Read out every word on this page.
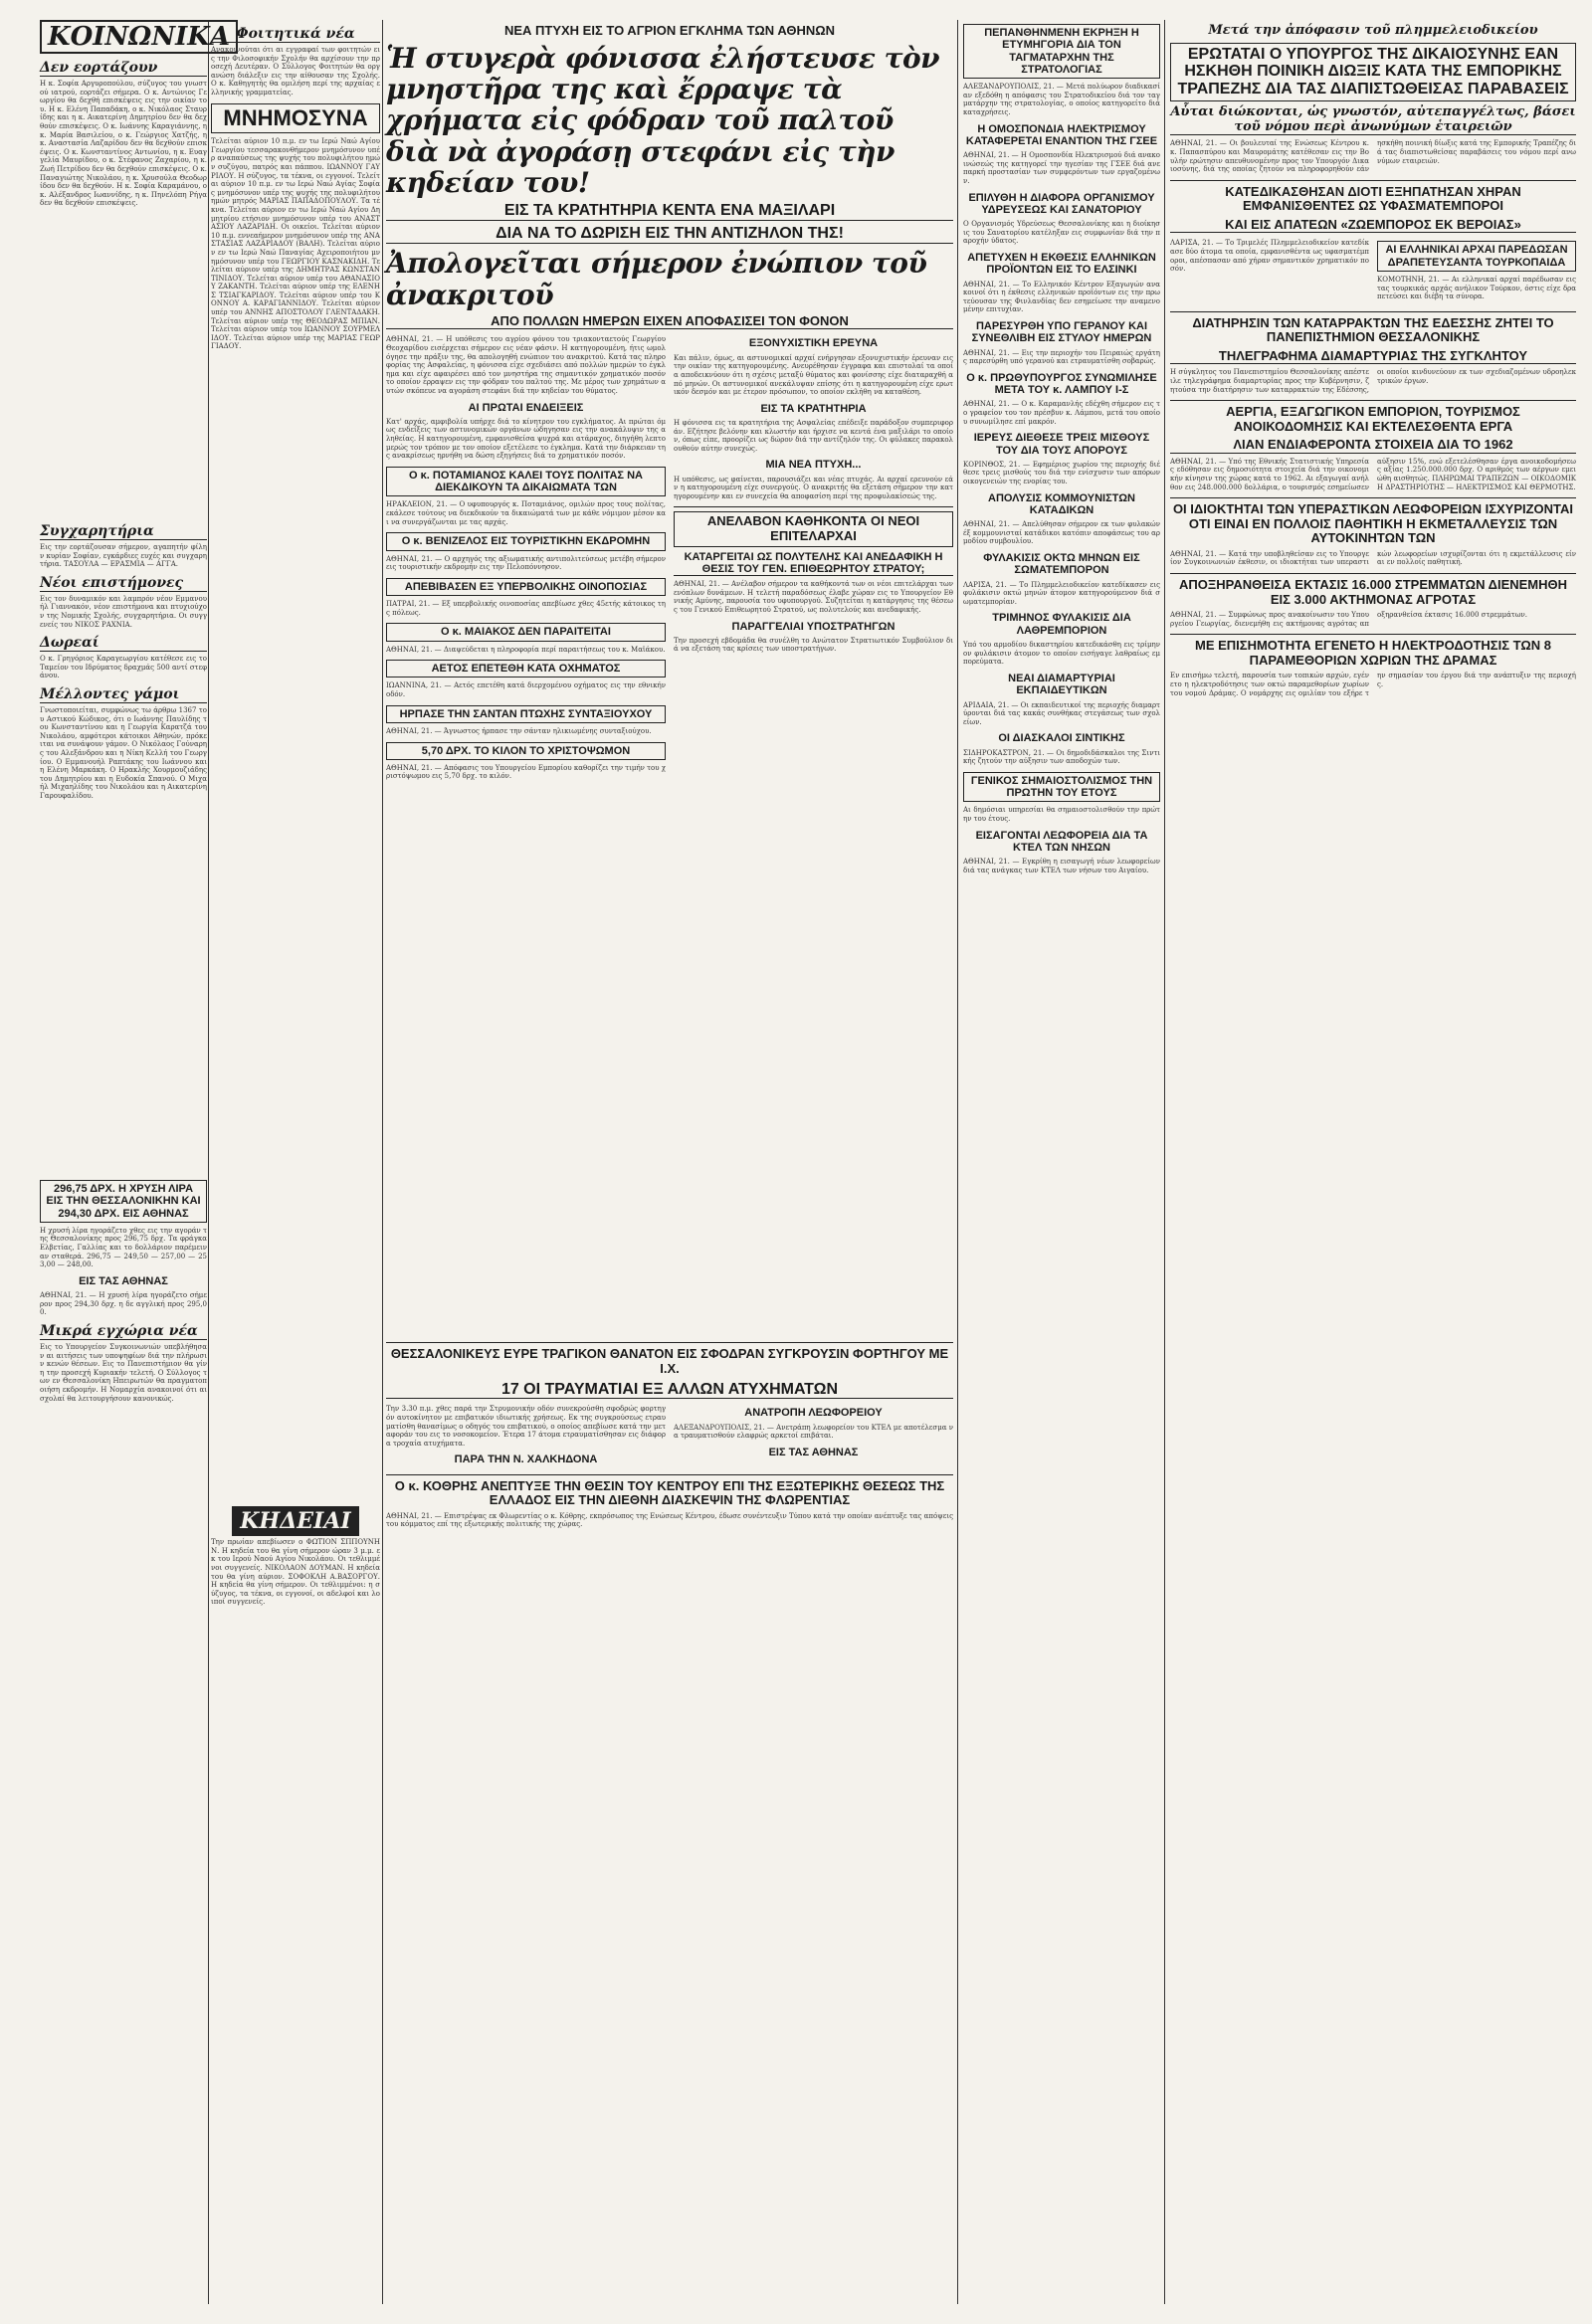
ΚΟΙΝΩΝΙΚΑ
Δεν εορτάζουν
Η κ. Σοφία Αργυροπούλου, σύζυγος του γνωστού ιατρού, εορτάζει σήμερα. Ο κ. Αντώνιος Γεωργίου θα δεχθή επισκέψεις εις την οικίαν του. Η κ. Ελένη Παπαδάκη, ο κ. Νικόλαος Σταυρίδης και η κ. Αικατερίνη Δημητρίου δεν θα δεχθούν επισκέψεις. Ο κ. Ιωάννης Καραγιάννης, η κ. Μαρία Βασιλείου, ο κ. Γεώργιος Χατζής, η κ. Αναστασία Λαζαρίδου δεν θα δεχθούν επισκέψεις. Ο κ. Κωνσταντίνος Αντωνίου, η κ. Ευαγγελία Μαυρίδου, ο κ. Στέφανος Ζαχαρίου, η κ. Ζωή Πετρίδου δεν θα δεχθούν επισκέψεις. Ο κ. Παναγιώτης Νικολάου, η κ. Χρυσούλα Θεοδωρίδου δεν θα δεχθούν. Η κ. Σοφία Καραμάνου, ο κ. Αλέξανδρος Ιωαννίδης, η κ. Πηνελόπη Ρήγα δεν θα δεχθούν επισκέψεις.
Συγχαρητήρια
Εις την εορτάζουσαν σήμερον, αγαπητήν φίλην κυρίαν Σοφίαν, εγκάρδιες ευχές και συγχαρητήρια. ΤΑΣΟΥΛΑ — ΕΡΑΣΜΙΑ — ΑΓΓΑ.
Νέοι επιστήμονες
Εις τον δυναμικόν και λαμπρόν νέον Εμμανουήλ Γιαννακόν, νέον επιστήμονα και πτυχιούχον της Νομικής Σχολής, συγχαρητήρια. Οι συγγενείς του ΝΙΚΟΣ ΡΑΧΝΙΑ.
Δωρεαί
Ο κ. Γρηγόριος Καραγεωργίου κατέθεσε εις το Ταμείον του Ιδρύματος δραχμάς 500 αντί στεφάνου.
Μέλλοντες γάμοι
Γνωστοποιείται, συμφώνως τω άρθρω 1367 του Αστικού Κώδικος, ότι ο Ιωάννης Παυλίδης του Κωνσταντίνου και η Γεωργία Καρατζά του Νικολάου, αμφότεροι κάτοικοι Αθηνών, πρόκειται να συνάψουν γάμον. Ο Νικόλαος Γούναρης του Αλεξάνδρου και η Νίκη Κελλή του Γεωργίου. Ο Εμμανουήλ Ραπτάκης του Ιωάννου και η Ελένη Μαρκάκη. Ο Ηρακλής Χουρμουζιάδης του Δημητρίου και η Ευδοκία Σπανού. Ο Μιχαήλ Μιχαηλίδης του Νικολάου και η Αικατερίνη Γαρουφαλίδου.
296,75 ΔΡΧ. Η ΧΡΥΣΗ ΛΙΡΑ ΕΙΣ ΤΗΝ ΘΕΣΣΑΛΟΝΙΚΗΝ ΚΑΙ 294,30 ΔΡΧ. ΕΙΣ ΑΘΗΝΑΣ
Η χρυσή λίρα ηγοράζετο χθες εις την αγοράν της Θεσσαλονίκης προς 296,75 δρχ. Τα φράγκα Ελβετίας, Γαλλίας και το δολλάριον παρέμειναν σταθερά. 296,75 — 249,50 — 257,00 — 253,00 — 248,00.
ΕΙΣ ΤΑΣ ΑΘΗΝΑΣ
ΑΘΗΝΑΙ, 21. — Η χρυσή λίρα ηγοράζετο σήμερον προς 294,30 δρχ. η δε αγγλική προς 295,00.
Μικρά εγχώρια νέα
Εις το Υπουργείον Συγκοινωνιών υπεβλήθησαν αι αιτήσεις των υποψηφίων διά την πλήρωσιν κενών θέσεων. Εις το Πανεπιστήμιον θα γίνη την προσεχή Κυριακήν τελετή. Ο Σύλλογος των εν Θεσσαλονίκη Ηπειρωτών θα πραγματοποιήση εκδρομήν. Η Νομαρχία ανακοινοί ότι αι σχολαί θα λειτουργήσουν κανονικώς.
Φοιτητικά νέα
Ανακοινούται ότι αι εγγραφαί των φοιτητών εις την Φιλοσοφικήν Σχολήν θα αρχίσουν την προσεχή Δευτέραν. Ο Σύλλογος Φοιτητών θα οργανώση διάλεξιν εις την αίθουσαν της Σχολής. Ο κ. Καθηγητής θα ομιλήση περί της αρχαίας ελληνικής γραμματείας.
ΜΝΗΜΟΣΥΝΑ
Τελείται αύριον 10 π.μ. εν τω Ιερώ Ναώ Αγίου Γεωργίου τεσσαρακονθήμερον μνημόσυνον υπέρ αναπαύσεως της ψυχής του πολυφιλήτου ημών συζύγου, πατρός και πάππου. ΙΩΑΝΝΟΥ ΓΑΥΡΙΛΟΥ. Η σύζυγος, τα τέκνα, οι εγγονοί. Τελείται αύριον 10 π.μ. εν τω Ιερώ Ναώ Αγίας Σοφίας μνημόσυνον υπέρ της ψυχής της πολυφιλήτου ημών μητρός ΜΑΡΙΑΣ ΠΑΠΑΔΟΠΟΥΛΟΥ. Τα τέκνα. Τελείται αύριον εν τω Ιερώ Ναώ Αγίου Δημητρίου ετήσιον μνημόσυνον υπέρ του ΑΝΑΣΤΑΣΙΟΥ ΛΑΖΑΡΙΔΗ. Οι οικείοι. Τελείται αύριον 10 π.μ. εννεαήμερον μνημόσυνον υπέρ της ΑΝΑΣΤΑΣΙΑΣ ΛΑΖΑΡΙΑΔΟΥ (ΒΑΛΗ). Τελείται αύριον εν τω Ιερώ Ναώ Παναγίας Αχειροποιήτου μνημόσυνον υπέρ του ΓΕΩΡΓΙΟΥ ΚΑΣΝΑΚΙΔΗ. Τελείται αύριον υπέρ της ΔΗΜΗΤΡΑΣ ΚΩΝΣΤΑΝΤΙΝΙΔΟΥ. Τελείται αύριον υπέρ του ΑΘΑΝΑΣΙΟΥ ΖΑΚΑΝΤΗ. Τελείται αύριον υπέρ της ΕΛΕΝΗΣ ΤΣΙΑΓΚΑΡΙΔΟΥ. Τελείται αύριον υπέρ του ΚΟΝΝΟΥ Α. ΚΑΡΑΓΙΑΝΝΙΔΟΥ. Τελείται αύριον υπέρ του ΑΝΝΗΣ ΑΠΟΣΤΟΛΟΥ ΓΛΕΝΤΑΔΑΚΗ. Τελείται αύριον υπέρ της ΘΕΟΔΩΡΑΣ ΜΠΙΑΝ. Τελείται αύριον υπέρ του ΙΩΑΝΝΟΥ ΣΟΥΡΜΕΛΙΔΟΥ. Τελείται αύριον υπέρ της ΜΑΡΙΑΣ ΓΕΩΡΓΙΑΔΟΥ.
ΚΗΔΕΙΑΙ
Την πρωίαν απεβίωσεν ο ΦΩΤΙΟΝ ΣΠΠΟΥΝΗΝ. Η κηδεία του θα γίνη σήμερον ώραν 3 μ.μ. εκ του Ιερού Ναού Αγίου Νικολάου. Οι τεθλιμμένοι συγγενείς. ΝΙΚΟΛΑΟΝ ΔΟΥΜΑΝ. Η κηδεία του θα γίνη αύριον. ΣΟΦΟΚΛΗ Α.ΒΑΣΟΡΓΟΥ. Η κηδεία θα γίνη σήμερον. Οι τεθλιμμένοι: η σύζυγος, τα τέκνα, οι εγγονοί, οι αδελφοί και λοιποί συγγενείς.
ΝΕΑ ΠΤΥΧΗ ΕΙΣ ΤΟ ΑΓΡΙΟΝ ΕΓΚΛΗΜΑ ΤΩΝ ΑΘΗΝΩΝ
Ἡ στυγερὰ φόνισσα ἐλήστευσε τὸν μνηστῆρα της καὶ ἔρραψε τὰ χρήματα εἰς φόδραν τοῦ παλτοῦ διὰ νὰ ἀγοράσῃ στεφάνι εἰς τὴν κηδείαν του!
ΕΙΣ ΤΑ ΚΡΑΤΗΤΗΡΙΑ ΚΕΝΤΑ ΕΝΑ ΜΑΞΙΛΑΡΙ
ΔΙΑ ΝΑ ΤΟ ΔΩΡΙΣΗ ΕΙΣ ΤΗΝ ΑΝΤΙΖΗΛΟΝ ΤΗΣ!
Ἀπολογεῖται σήμερον ἐνώπιον τοῦ ἀνακριτοῦ
ΑΠΟ ΠΟΛΛΩΝ ΗΜΕΡΩΝ ΕΙΧΕΝ ΑΠΟΦΑΣΙΣΕΙ ΤΟΝ ΦΟΝΟΝ
ΑΘΗΝΑΙ, 21. — Η υπόθεσις του αγρίου φόνου του τριακονταετούς Γεωργίου Θεοχαρίδου εισέρχεται σήμερον εις νέαν φάσιν. Η κατηγορουμένη, ήτις ωμολόγησε την πράξιν της, θα απολογηθή ενώπιον του ανακριτού. Κατά τας πληροφορίας της Ασφαλείας, η φόνισσα είχε σχεδιάσει από πολλών ημερών το έγκλημα και είχε αφαιρέσει από τον μνηστήρα της σημαντικόν χρηματικόν ποσόν το οποίον έρραψεν εις την φόδραν του παλτού της. Με μέρος των χρημάτων αυτών σκόπευε να αγοράση στεφάνι διά την κηδείαν του θύματος.
ΑΙ ΠΡΩΤΑΙ ΕΝΔΕΙΞΕΙΣ
Κατ' αρχάς, αμφιβολία υπήρχε διά το κίνητρον του εγκλήματος. Αι πρώται όμως ενδείξεις των αστυνομικών οργάνων ώδηγησαν εις την ανακάλυψιν της αληθείας. Η κατηγορουμένη, εμφανισθείσα ψυχρά και ατάραχος, διηγήθη λεπτομερώς τον τρόπον με τον οποίον εξετέλεσε το έγκλημα. Κατά την διάρκειαν της ανακρίσεως ηρνήθη να δώση εξηγήσεις διά το χρηματικόν ποσόν.
Ο κ. ΠΟΤΑΜΙΑΝΟΣ ΚΑΛΕΙ ΤΟΥΣ ΠΟΛΙΤΑΣ ΝΑ ΔΙΕΚΔΙΚΟΥΝ ΤΑ ΔΙΚΑΙΩΜΑΤΑ ΤΩΝ
ΗΡΑΚΛΕΙΟΝ, 21. — Ο υφυπουργός κ. Ποταμιάνος, ομιλών προς τους πολίτας, εκάλεσε τούτους να διεκδικούν τα δικαιώματά των με κάθε νόμιμον μέσον και να συνεργάζωνται με τας αρχάς.
Ο κ. ΒΕΝΙΖΕΛΟΣ ΕΙΣ ΤΟΥΡΙΣΤΙΚΗΝ ΕΚΔΡΟΜΗΝ
ΑΘΗΝΑΙ, 21. — Ο αρχηγός της αξιωματικής αντιπολιτεύσεως μετέβη σήμερον εις τουριστικήν εκδρομήν εις την Πελοπόννησον.
ΑΠΕΒΙΒΑΣΕΝ ΕΞ ΥΠΕΡΒΟΛΙΚΗΣ ΟΙΝΟΠΟΣΙΑΣ
ΠΑΤΡΑΙ, 21. — Εξ υπερβολικής οινοποσίας απεβίωσε χθες 45ετής κάτοικος της πόλεως.
Ο κ. ΜΑΙΑΚΟΣ ΔΕΝ ΠΑΡΑΙΤΕΙΤΑΙ
ΑΘΗΝΑΙ, 21. — Διαψεύδεται η πληροφορία περί παραιτήσεως του κ. Μαϊάκου.
ΑΕΤΟΣ ΕΠΕΤΕΘΗ ΚΑΤΑ ΟΧΗΜΑΤΟΣ
ΙΩΑΝΝΙΝΑ, 21. — Αετός επετέθη κατά διερχομένου οχήματος εις την εθνικήν οδόν.
ΗΡΠΑΣΕ ΤΗΝ ΣΑΝΤΑΝ ΠΤΩΧΗΣ ΣΥΝΤΑΞΙΟΥΧΟΥ
ΑΘΗΝΑΙ, 21. — Άγνωστος ήρπασε την σάνταν ηλικιωμένης συνταξιούχου.
5,70 ΔΡΧ. ΤΟ ΚΙΛΟΝ ΤΟ ΧΡΙΣΤΟΨΩΜΟΝ
ΑΘΗΝΑΙ, 21. — Απόφασις του Υπουργείου Εμπορίου καθορίζει την τιμήν του χριστόψωμου εις 5,70 δρχ. το κιλόν.
ΕΞΟΝΥΧΙΣΤΙΚΗ ΕΡΕΥΝΑ
Και πάλιν, όμως, αι αστυνομικαί αρχαί ενήργησαν εξονυχιστικήν έρευναν εις την οικίαν της κατηγορουμένης. Ανευρέθησαν έγγραφα και επιστολαί τα οποία αποδεικνύουν ότι η σχέσις μεταξύ θύματος και φονίσσης είχε διαταραχθή από μηνών. Οι αστυνομικοί ανεκάλυψαν επίσης ότι η κατηγορουμένη είχε ερωτικόν δεσμόν και με έτερον πρόσωπον, το οποίον εκλήθη να καταθέση.
ΕΙΣ ΤΑ ΚΡΑΤΗΤΗΡΙΑ
Η φόνισσα εις τα κρατητήρια της Ασφαλείας επέδειξε παράδοξον συμπεριφοράν. Εζήτησε βελόνην και κλωστήν και ήρχισε να κεντά ένα μαξιλάρι το οποίον, όπως είπε, προορίζει ως δώρον διά την αντίζηλόν της. Οι φύλακες παρακολουθούν αύτην συνεχώς.
ΜΙΑ ΝΕΑ ΠΤΥΧΗ...
Η υπόθεσις, ως φαίνεται, παρουσιάζει και νέας πτυχάς. Αι αρχαί ερευνούν εάν η κατηγορουμένη είχε συνεργούς. Ο ανακριτής θα εξετάση σήμερον την κατηγορουμένην και εν συνεχεία θα αποφασίση περί της προφυλακίσεώς της.
ΑΝΕΛΑΒΟΝ ΚΑΘΗΚΟΝΤΑ ΟΙ ΝΕΟΙ ΕΠΙΤΕΛΑΡΧΑΙ
ΚΑΤΑΡΓΕΙΤΑΙ ΩΣ ΠΟΛΥΤΕΛΗΣ ΚΑΙ ΑΝΕΔΑΦΙΚΗ Η ΘΕΣΙΣ ΤΟΥ ΓΕΝ. ΕΠΙΘΕΩΡΗΤΟΥ ΣΤΡΑΤΟΥ;
ΑΘΗΝΑΙ, 21. — Ανέλαβον σήμερον τα καθήκοντά των οι νέοι επιτελάρχαι των ενόπλων δυνάμεων. Η τελετή παραδόσεως έλαβε χώραν εις το Υπουργείον Εθνικής Αμύνης, παρουσία του υφυπουργού. Συζητείται η κατάργησις της θέσεως του Γενικού Επιθεωρητού Στρατού, ως πολυτελούς και ανεδαφικής.
ΠΑΡΑΓΓΕΛΙΑΙ ΥΠΟΣΤΡΑΤΗΓΩΝ
Την προσεχή εβδομάδα θα συνέλθη το Ανώτατον Στρατιωτικόν Συμβούλιον διά να εξετάση τας κρίσεις των υποστρατήγων.
ΘΕΣΣΑΛΟΝΙΚΕΥΣ ΕΥΡΕ ΤΡΑΓΙΚΟΝ ΘΑΝΑΤΟΝ ΕΙΣ ΣΦΟΔΡΑΝ ΣΥΓΚΡΟΥΣΙΝ ΦΟΡΤΗΓΟΥ ΜΕ Ι.Χ.
17 ΟΙ ΤΡΑΥΜΑΤΙΑΙ ΕΞ ΑΛΛΩΝ ΑΤΥΧΗΜΑΤΩΝ
Την 3.30 π.μ. χθες παρά την Στρυμονικήν οδόν συνεκρούσθη σφοδρώς φορτηγόν αυτοκίνητον με επιβατικόν ιδιωτικής χρήσεως. Εκ της συγκρούσεως ετραυματίσθη θανασίμως ο οδηγός του επιβατικού, ο οποίος απεβίωσε κατά την μεταφοράν του εις το νοσοκομείον. Έτερα 17 άτομα ετραυματίσθησαν εις διάφορα τροχαία ατυχήματα.
ΠΑΡΑ ΤΗΝ Ν. ΧΑΛΚΗΔΟΝΑ
ΑΝΑΤΡΟΠΗ ΛΕΩΦΟΡΕΙΟΥ
ΑΛΕΞΑΝΔΡΟΥΠΟΛΙΣ, 21. — Ανετράπη λεωφορείον του ΚΤΕΛ με αποτέλεσμα να τραυματισθούν ελαφρώς αρκετοί επιβάται.
ΕΙΣ ΤΑΣ ΑΘΗΝΑΣ
Ο κ. ΚΟΘΡΗΣ ΑΝΕΠΤΥΞΕ ΤΗΝ ΘΕΣΙΝ ΤΟΥ ΚΕΝΤΡΟΥ ΕΠΙ ΤΗΣ ΕΞΩΤΕΡΙΚΗΣ ΘΕΣΕΩΣ ΤΗΣ ΕΛΛΑΔΟΣ ΕΙΣ ΤΗΝ ΔΙΕΘΝΗ ΔΙΑΣΚΕΨΙΝ ΤΗΣ ΦΛΩΡΕΝΤΙΑΣ
ΑΘΗΝΑΙ, 21. — Επιστρέψας εκ Φλωρεντίας ο κ. Κόθρης, εκπρόσωπος της Ενώσεως Κέντρου, έδωσε συνέντευξιν Τύπου κατά την οποίαν ανέπτυξε τας απόψεις του κόμματος επί της εξωτερικής πολιτικής της χώρας.
ΠΕΠΑΝΘΗΝΜΕΝΗ ΕΚΡΗΞΗ Η ΕΤΥΜΗΓΟΡΙΑ ΔΙΑ ΤΟΝ ΤΑΓΜΑΤΑΡΧΗΝ ΤΗΣ ΣΤΡΑΤΟΛΟΓΙΑΣ
ΑΛΕΞΑΝΔΡΟΥΠΟΛΙΣ, 21. — Μετά πολύωρον διαδικασίαν εξεδόθη η απόφασις του Στρατοδικείου διά τον ταγματάρχην της στρατολογίας, ο οποίος κατηγορείτο διά καταχρήσεις.
Η ΟΜΟΣΠΟΝΔΙΑ ΗΛΕΚΤΡΙΣΜΟΥ ΚΑΤΑΦΕΡΕΤΑΙ ΕΝΑΝΤΙΟΝ ΤΗΣ ΓΣΕΕ
ΑΘΗΝΑΙ, 21. — Η Ομοσπονδία Ηλεκτρισμού διά ανακοινώσεώς της κατηγορεί την ηγεσίαν της ΓΣΕΕ διά ανεπαρκή προστασίαν των συμφερόντων των εργαζομένων.
ΕΠΙΛΥΘΗ Η ΔΙΑΦΟΡΑ ΟΡΓΑΝΙΣΜΟΥ ΥΔΡΕΥΣΕΩΣ ΚΑΙ ΣΑΝΑΤΟΡΙΟΥ
Ο Οργανισμός Υδρεύσεως Θεσσαλονίκης και η διοίκησις του Σανατορίου κατέληξαν εις συμφωνίαν διά την παροχήν ύδατος.
ΑΠΕΤΥΧΕΝ Η ΕΚΘΕΣΙΣ ΕΛΛΗΝΙΚΩΝ ΠΡΟΪΟΝΤΩΝ ΕΙΣ ΤΟ ΕΛΣΙΝΚΙ
ΑΘΗΝΑΙ, 21. — Το Ελληνικόν Κέντρον Εξαγωγών ανακοινοί ότι η έκθεσις ελληνικών προϊόντων εις την πρωτεύουσαν της Φινλανδίας δεν εσημείωσε την αναμενομένην επιτυχίαν.
ΠΑΡΕΣΥΡΘΗ ΥΠΟ ΓΕΡΑΝΟΥ ΚΑΙ ΣΥΝΕΘΛΙΒΗ ΕΙΣ ΣΤΥΛΟΥ ΗΜΕΡΩΝ
ΑΘΗΝΑΙ, 21. — Εις την περιοχήν του Πειραιώς εργάτης παρεσύρθη υπό γερανού και ετραυματίσθη σοβαρώς.
Ο κ. ΠΡΩΘΥΠΟΥΡΓΟΣ ΣΥΝΩΜΙΛΗΣΕ ΜΕΤΑ ΤΟΥ κ. ΛΑΜΠΟΥ Ι-Σ
ΑΘΗΝΑΙ, 21. — Ο κ. Καραμανλής εδέχθη σήμερον εις το γραφείον του τον πρέσβυν κ. Λάμπου, μετά του οποίου συνωμίλησε επί μακρόν.
ΙΕΡΕΥΣ ΔΙΕΘΕΣΕ ΤΡΕΙΣ ΜΙΣΘΟΥΣ ΤΟΥ ΔΙΑ ΤΟΥΣ ΑΠΟΡΟΥΣ
ΚΟΡΙΝΘΟΣ, 21. — Εφημέριος χωρίου της περιοχής διέθεσε τρεις μισθούς του διά την ενίσχυσιν των απόρων οικογενειών της ενορίας του.
ΑΠΟΛΥΣΙΣ ΚΟΜΜΟΥΝΙΣΤΩΝ ΚΑΤΑΔΙΚΩΝ
ΑΘΗΝΑΙ, 21. — Απελύθησαν σήμερον εκ των φυλακών έξ κομμουνισταί κατάδικοι κατόπιν αποφάσεως του αρμοδίου συμβουλίου.
ΦΥΛΑΚΙΣΙΣ ΟΚΤΩ ΜΗΝΩΝ ΕΙΣ ΣΩΜΑΤΕΜΠΟΡΟΝ
ΛΑΡΙΣΑ, 21. — Το Πλημμελειοδικείον κατεδίκασεν εις φυλάκισιν οκτώ μηνών άτομον κατηγορούμενον διά σωματεμπορίαν.
ΤΡΙΜΗΝΟΣ ΦΥΛΑΚΙΣΙΣ ΔΙΑ ΛΑΘΡΕΜΠΟΡΙΟΝ
Υπό του αρμοδίου δικαστηρίου κατεδικάσθη εις τρίμηνον φυλάκισιν άτομον το οποίον εισήγαγε λαθραίως εμπορεύματα.
ΝΕΑΙ ΔΙΑΜΑΡΤΥΡΙΑΙ ΕΚΠΑΙΔΕΥΤΙΚΩΝ
ΑΡΙΔΑΙΑ, 21. — Οι εκπαιδευτικοί της περιοχής διαμαρτύρονται διά τας κακάς συνθήκας στεγάσεως των σχολείων.
ΟΙ ΔΙΑΣΚΑΛΟΙ ΣΙΝΤΙΚΗΣ
ΣΙΔΗΡΟΚΑΣΤΡΟΝ, 21. — Οι δημοδιδάσκαλοι της Σιντικής ζητούν την αύξησιν των αποδοχών των.
ΓΕΝΙΚΟΣ ΣΗΜΑΙΟΣΤΟΛΙΣΜΟΣ ΤΗΝ ΠΡΩΤΗΝ ΤΟΥ ΕΤΟΥΣ
Αι δημόσιαι υπηρεσίαι θα σημαιοστολισθούν την πρώτην του έτους.
ΕΙΣΑΓΟΝΤΑΙ ΛΕΩΦΟΡΕΙΑ ΔΙΑ ΤΑ ΚΤΕΛ ΤΩΝ ΝΗΣΩΝ
ΑΘΗΝΑΙ, 21. — Εγκρίθη η εισαγωγή νέων λεωφορείων διά τας ανάγκας των ΚΤΕΛ των νήσων του Αιγαίου.
Μετά την ἀπόφασιν τοῦ πλημμελειοδικείου
ΕΡΩΤΑΤΑΙ Ο ΥΠΟΥΡΓΟΣ ΤΗΣ ΔΙΚΑΙΟΣΥΝΗΣ ΕΑΝ ΗΣΚΗΘΗ ΠΟΙΝΙΚΗ ΔΙΩΞΙΣ ΚΑΤΑ ΤΗΣ ΕΜΠΟΡΙΚΗΣ ΤΡΑΠΕΖΗΣ ΔΙΑ ΤΑΣ ΔΙΑΠΙΣΤΩΘΕΙΣΑΣ ΠΑΡΑΒΑΣΕΙΣ
Αὗται διώκονται, ὡς γνωστόν, αὐτεπαγγέλτως, βάσει τοῦ νόμου περὶ ἀνωνύμων ἑταιρειῶν
ΑΘΗΝΑΙ, 21. — Οι βουλευταί της Ενώσεως Κέντρου κ.κ. Παπασπύρου και Μαυρομάτης κατέθεσαν εις την Βουλήν ερώτησιν απευθυνομένην προς τον Υπουργόν Δικαιοσύνης, διά της οποίας ζητούν να πληροφορηθούν εάν ησκήθη ποινική δίωξις κατά της Εμπορικής Τραπέζης διά τας διαπιστωθείσας παραβάσεις του νόμου περί ανωνύμων εταιρειών.
ΚΑΤΕΔΙΚΑΣΘΗΣΑΝ ΔΙΟΤΙ ΕΞΗΠΑΤΗΣΑΝ ΧΗΡΑΝ ΕΜΦΑΝΙΣΘΕΝΤΕΣ ΩΣ ΥΦΑΣΜΑΤΕΜΠΟΡΟΙ
ΚΑΙ ΕΙΣ ΑΠΑΤΕΩΝ «ΖΩΕΜΠΟΡΟΣ ΕΚ ΒΕΡΟΙΑΣ»
ΛΑΡΙΣΑ, 21. — Το Τριμελές Πλημμελειοδικείον κατεδίκασε δύο άτομα τα οποία, εμφανισθέντα ως υφασματέμποροι, απέσπασαν από χήραν σημαντικόν χρηματικόν ποσόν.
ΑΙ ΕΛΛΗΝΙΚΑΙ ΑΡΧΑΙ ΠΑΡΕΔΩΣΑΝ ΔΡΑΠΕΤΕΥΣΑΝΤΑ ΤΟΥΡΚΟΠΑΙΔΑ
ΚΟΜΟΤΗΝΗ, 21. — Αι ελληνικαί αρχαί παρέδωσαν εις τας τουρκικάς αρχάς ανήλικον Τούρκον, όστις είχε δραπετεύσει και διέβη τα σύνορα.
ΔΙΑΤΗΡΗΣΙΝ ΤΩΝ ΚΑΤΑΡΡΑΚΤΩΝ ΤΗΣ ΕΔΕΣΣΗΣ ΖΗΤΕΙ ΤΟ ΠΑΝΕΠΙΣΤΗΜΙΟΝ ΘΕΣΣΑΛΟΝΙΚΗΣ
ΤΗΛΕΓΡΑΦΗΜΑ ΔΙΑΜΑΡΤΥΡΙΑΣ ΤΗΣ ΣΥΓΚΛΗΤΟΥ
Η σύγκλητος του Πανεπιστημίου Θεσσαλονίκης απέστειλε τηλεγράφημα διαμαρτυρίας προς την Κυβέρνησιν, ζητούσα την διατήρησιν των καταρρακτών της Εδέσσης, οι οποίοι κινδυνεύουν εκ των σχεδιαζομένων υδροηλεκτρικών έργων.
ΑΕΡΓΙΑ, ΕΞΑΓΩΓΙΚΟΝ ΕΜΠΟΡΙΟΝ, ΤΟΥΡΙΣΜΟΣ ΑΝΟΙΚΟΔΟΜΗΣΙΣ ΚΑΙ ΕΚΤΕΛΕΣΘΕΝΤΑ ΕΡΓΑ
ΛΙΑΝ ΕΝΔΙΑΦΕΡΟΝΤΑ ΣΤΟΙΧΕΙΑ ΔΙΑ ΤΟ 1962
ΑΘΗΝΑΙ, 21. — Υπό της Εθνικής Στατιστικής Υπηρεσίας εδόθησαν εις δημοσιότητα στοιχεία διά την οικονομικήν κίνησιν της χώρας κατά το 1962. Αι εξαγωγαί ανήλθον εις 248.000.000 δολλάρια, ο τουρισμός εσημείωσεν αύξησιν 15%, ενώ εξετελέσθησαν έργα ανοικοδομήσεως αξίας 1.250.000.000 δρχ. Ο αριθμός των αέργων εμειώθη αισθητώς. ΠΛΗΡΩΜΑΙ ΤΡΑΠΕΖΩΝ — ΟΙΚΟΔΟΜΙΚΗ ΔΡΑΣΤΗΡΙΟΤΗΣ — ΗΛΕΚΤΡΙΣΜΟΣ ΚΑΙ ΘΕΡΜΟΤΗΣ.
ΟΙ ΙΔΙΟΚΤΗΤΑΙ ΤΩΝ ΥΠΕΡΑΣΤΙΚΩΝ ΛΕΩΦΟΡΕΙΩΝ ΙΣΧΥΡΙΖΟΝΤΑΙ ΟΤΙ ΕΙΝΑΙ ΕΝ ΠΟΛΛΟΙΣ ΠΑΘΗΤΙΚΗ Η ΕΚΜΕΤΑΛΛΕΥΣΙΣ ΤΩΝ ΑΥΤΟΚΙΝΗΤΩΝ ΤΩΝ
ΑΘΗΝΑΙ, 21. — Κατά την υποβληθείσαν εις το Υπουργείον Συγκοινωνιών έκθεσιν, οι ιδιοκτήται των υπεραστικών λεωφορείων ισχυρίζονται ότι η εκμετάλλευσις είναι εν πολλοίς παθητική.
ΑΠΟΞΗΡΑΝΘΕΙΣΑ ΕΚΤΑΣΙΣ 16.000 ΣΤΡΕΜΜΑΤΩΝ ΔΙΕΝΕΜΗΘΗ ΕΙΣ 3.000 ΑΚΤΗΜΟΝΑΣ ΑΓΡΟΤΑΣ
ΑΘΗΝΑΙ, 21. — Συμφώνως προς ανακοίνωσιν του Υπουργείου Γεωργίας, διενεμήθη εις ακτήμονας αγρότας αποξηρανθείσα έκτασις 16.000 στρεμμάτων.
ΜΕ ΕΠΙΣΗΜΟΤΗΤΑ ΕΓΕΝΕΤΟ Η ΗΛΕΚΤΡΟΔΟΤΗΣΙΣ ΤΩΝ 8 ΠΑΡΑΜΕΘΟΡΙΩΝ ΧΩΡΙΩΝ ΤΗΣ ΔΡΑΜΑΣ
Εν επισήμω τελετή, παρουσία των τοπικών αρχών, εγένετο η ηλεκτροδότησις των οκτώ παραμεθορίων χωρίων του νομού Δράμας. Ο νομάρχης εις ομιλίαν του εξήρε την σημασίαν του έργου διά την ανάπτυξιν της περιοχής.
